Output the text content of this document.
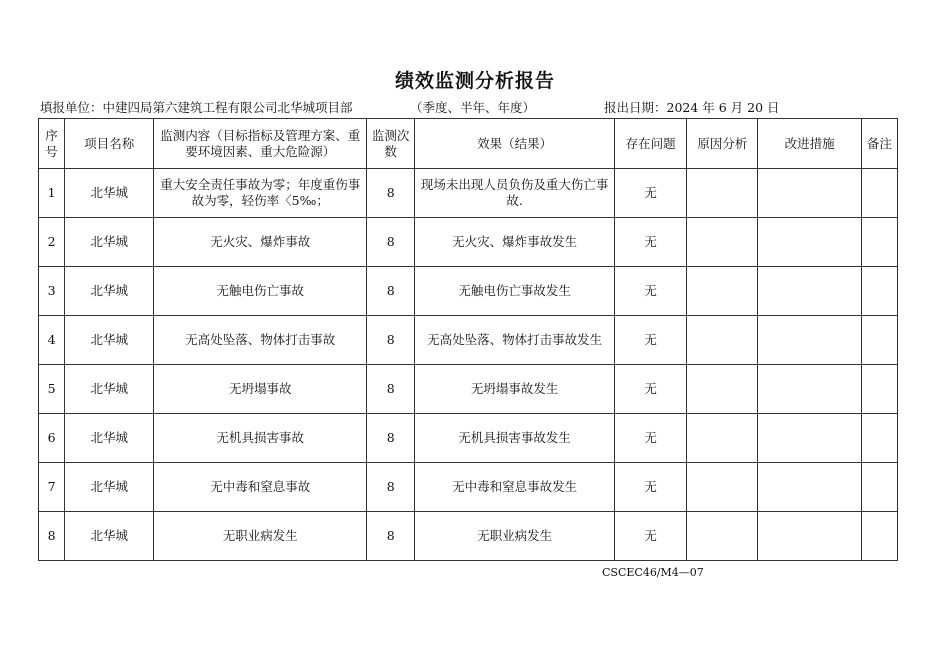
绩效监测分析报告
填报单位：中建四局第六建筑工程有限公司北华城项目部	（季度、半年、年度）	报出日期：2024 年 6 月 20 日
序号	项目名称	监测内容（目标指标及管理方案、重要环境因素、重大危险源）	监测次数	效果（结果）	存在问题	原因分析	改进措施	备注
1	北华城	重大安全责任事故为零；年度重伤事故为零，轻伤率〈5‰；	8	现场未出现人员负伤及重大伤亡事故.	无			
2	北华城	无火灾、爆炸事故	8	无火灾、爆炸事故发生	无			
3	北华城	无触电伤亡事故	8	无触电伤亡事故发生	无			
4	北华城	无高处坠落、物体打击事故	8	无高处坠落、物体打击事故发生	无			
5	北华城	无坍塌事故	8	无坍塌事故发生	无			
6	北华城	无机具损害事故	8	无机具损害事故发生	无			
7	北华城	无中毒和窒息事故	8	无中毒和窒息事故发生	无			
8	北华城	无职业病发生	8	无职业病发生	无			
CSCEC46/M4—07
